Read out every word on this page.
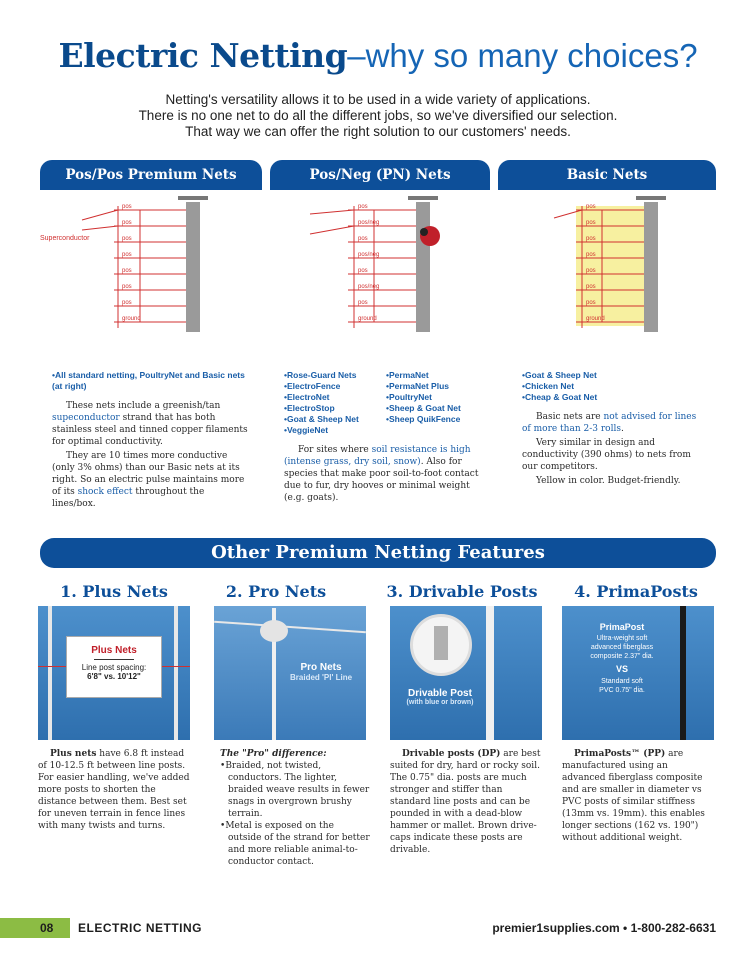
Electric Netting–why so many choices?
Netting's versatility allows it to be used in a wide variety of applications.
There is no one net to do all the different jobs, so we've diversified our selection.
That way we can offer the right solution to our customers' needs.
Pos/Pos Premium Nets	Pos/Neg (PN) Nets	Basic Nets
pos
pos
pos
pos
pos
pos
pos
ground
Superconductor
pos
pos/neg
pos
pos/neg
pos
pos/neg
pos
ground
pos
pos
pos
pos
pos
pos
pos
ground
• All standard netting, PoultryNet and Basic nets (at right)

These nets include a greenish/tan supeconductor strand that has both stainless steel and tinned copper filaments for optimal conductivity.

They are 10 times more conductive (only 3% ohms) than our Basic nets at its right. So an electric pulse maintains more of its shock effect throughout the lines/box.

• Rose-Guard Nets
• ElectroFence
• ElectroNet
• ElectroStop
• Goat & Sheep Net
• VeggieNet
• PermaNet
• PermaNet Plus
• PoultryNet
• Sheep & Goat Net
• Sheep QuikFence

For sites where soil resistance is high (intense grass, dry soil, snow). Also for species that make poor soil-to-foot contact due to fur, dry hooves or minimal weight (e.g. goats).

• Goat & Sheep Net
• Chicken Net
• Cheap & Goat Net

Basic nets are not advised for lines of more than 2-3 rolls.

Very similar in design and conductivity (390 ohms) to nets from our competitors.

Yellow in color. Budget-friendly.

Other Premium Netting Features
1. Plus Nets	2. Pro Nets	3. Drivable Posts	4. PrimaPosts
Plus Nets
Line post spacing:
6'8" vs. 10'12"
Pro Nets
Braided 'Pl' Line
Drivable Post
(with blue or brown)
PrimaPost
Ultra-weight soft
advanced fiberglass
composite 2.37" dia.
VS
Standard soft
PVC 0.75" dia.

Plus nets have 6.8 ft instead of 10-12.5 ft between line posts. For easier handling, we've added more posts to shorten the distance between them. Best set for uneven terrain in fence lines with many twists and turns.

The "Pro" difference:
• Braided, not twisted, conductors. The lighter, braided weave results in fewer snags in overgrown brushy terrain.
• Metal is exposed on the outside of the strand for better and more reliable animal-to-conductor contact.

Drivable posts (DP) are best suited for dry, hard or rocky soil. The 0.75" dia. posts are much stronger and stiffer than standard line posts and can be pounded in with a dead-blow hammer or mallet. Brown drive-caps indicate these posts are drivable.

PrimaPosts™ (PP) are manufactured using an advanced fiberglass composite and are smaller in diameter vs PVC posts of similar stiffness (13mm vs. 19mm). this enables longer sections (162 vs. 190") without additional weight.

08	ELECTRIC NETTING	premier1supplies.com • 1-800-282-6631
